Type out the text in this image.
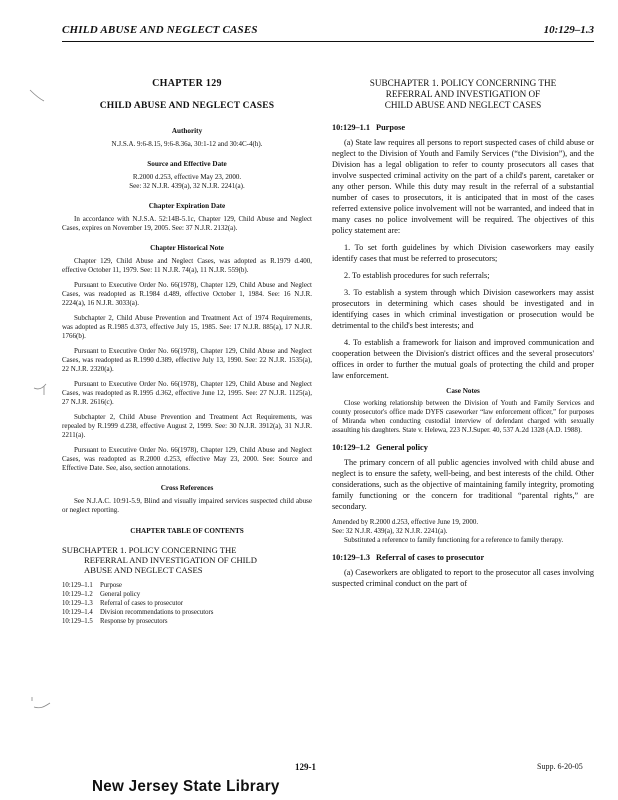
CHILD ABUSE AND NEGLECT CASES	10:129–1.3
CHAPTER 129
CHILD ABUSE AND NEGLECT CASES
Authority
N.J.S.A. 9:6-8.15, 9:6-8.36a, 30:1-12 and 30:4C-4(h).
Source and Effective Date
R.2000 d.253, effective May 23, 2000.
See: 32 N.J.R. 439(a), 32 N.J.R. 2241(a).
Chapter Expiration Date
In accordance with N.J.S.A. 52:14B-5.1c, Chapter 129, Child Abuse and Neglect Cases, expires on November 19, 2005. See: 37 N.J.R. 2132(a).
Chapter Historical Note
Chapter 129, Child Abuse and Neglect Cases, was adopted as R.1979 d.400, effective October 11, 1979. See: 11 N.J.R. 74(a), 11 N.J.R. 559(b).
Pursuant to Executive Order No. 66(1978), Chapter 129, Child Abuse and Neglect Cases, was readopted as R.1984 d.489, effective October 1, 1984. See: 16 N.J.R. 2224(a), 16 N.J.R. 3033(a).
Subchapter 2, Child Abuse Prevention and Treatment Act of 1974 Requirements, was adopted as R.1985 d.373, effective July 15, 1985. See: 17 N.J.R. 885(a), 17 N.J.R. 1766(b).
Pursuant to Executive Order No. 66(1978), Chapter 129, Child Abuse and Neglect Cases, was readopted as R.1990 d.389, effective July 13, 1990. See: 22 N.J.R. 1535(a), 22 N.J.R. 2320(a).
Pursuant to Executive Order No. 66(1978), Chapter 129, Child Abuse and Neglect Cases, was readopted as R.1995 d.362, effective June 12, 1995. See: 27 N.J.R. 1125(a), 27 N.J.R. 2616(c).
Subchapter 2, Child Abuse Prevention and Treatment Act Requirements, was repealed by R.1999 d.238, effective August 2, 1999. See: 30 N.J.R. 3912(a), 31 N.J.R. 2211(a).
Pursuant to Executive Order No. 66(1978), Chapter 129, Child Abuse and Neglect Cases, was readopted as R.2000 d.253, effective May 23, 2000. See: Source and Effective Date. See, also, section annotations.
Cross References
See N.J.A.C. 10:91-5.9, Blind and visually impaired services suspected child abuse or neglect reporting.
CHAPTER TABLE OF CONTENTS
SUBCHAPTER 1. POLICY CONCERNING THE
REFERRAL AND INVESTIGATION OF CHILD
ABUSE AND NEGLECT CASES
10:129–1.1 Purpose
10:129–1.2 General policy
10:129–1.3 Referral of cases to prosecutor
10:129–1.4 Division recommendations to prosecutors
10:129–1.5 Response by prosecutors
SUBCHAPTER 1. POLICY CONCERNING THE
REFERRAL AND INVESTIGATION OF
CHILD ABUSE AND NEGLECT CASES
10:129–1.1 Purpose
(a) State law requires all persons to report suspected cases of child abuse or neglect to the Division of Youth and Family Services (“the Division”), and the Division has a legal obligation to refer to county prosecutors all cases that involve suspected criminal activity on the part of a child's parent, caretaker or any other person. While this duty may result in the referral of a substantial number of cases to prosecutors, it is anticipated that in most of the cases referred extensive police involvement will not be warranted, and indeed that in many cases no police involvement will be required. The objectives of this policy statement are:
1. To set forth guidelines by which Division caseworkers may easily identify cases that must be referred to prosecutors;
2. To establish procedures for such referrals;
3. To establish a system through which Division caseworkers may assist prosecutors in determining which cases should be investigated and in identifying cases in which criminal investigation or prosecution would be detrimental to the child's best interests; and
4. To establish a framework for liaison and improved communication and cooperation between the Division's district offices and the several prosecutors' offices in order to further the mutual goals of protecting the child and proper law enforcement.
Case Notes
Close working relationship between the Division of Youth and Family Services and county prosecutor's office made DYFS caseworker “law enforcement officer,” for purposes of Miranda when conducting custodial interview of defendant charged with sexually assaulting his daughters. State v. Helewa, 223 N.J.Super. 40, 537 A.2d 1328 (A.D. 1988).
10:129–1.2 General policy
The primary concern of all public agencies involved with child abuse and neglect is to ensure the safety, well-being, and best interests of the child. Other considerations, such as the objective of maintaining family integrity, promoting family functioning or the concern for traditional “parental rights,” are secondary.
Amended by R.2000 d.253, effective June 19, 2000.
See: 32 N.J.R. 439(a), 32 N.J.R. 2241(a).
Substituted a reference to family functioning for a reference to family therapy.
10:129–1.3 Referral of cases to prosecutor
(a) Caseworkers are obligated to report to the prosecutor all cases involving suspected criminal conduct on the part of
129-1	Supp. 6-20-05
New Jersey State Library
